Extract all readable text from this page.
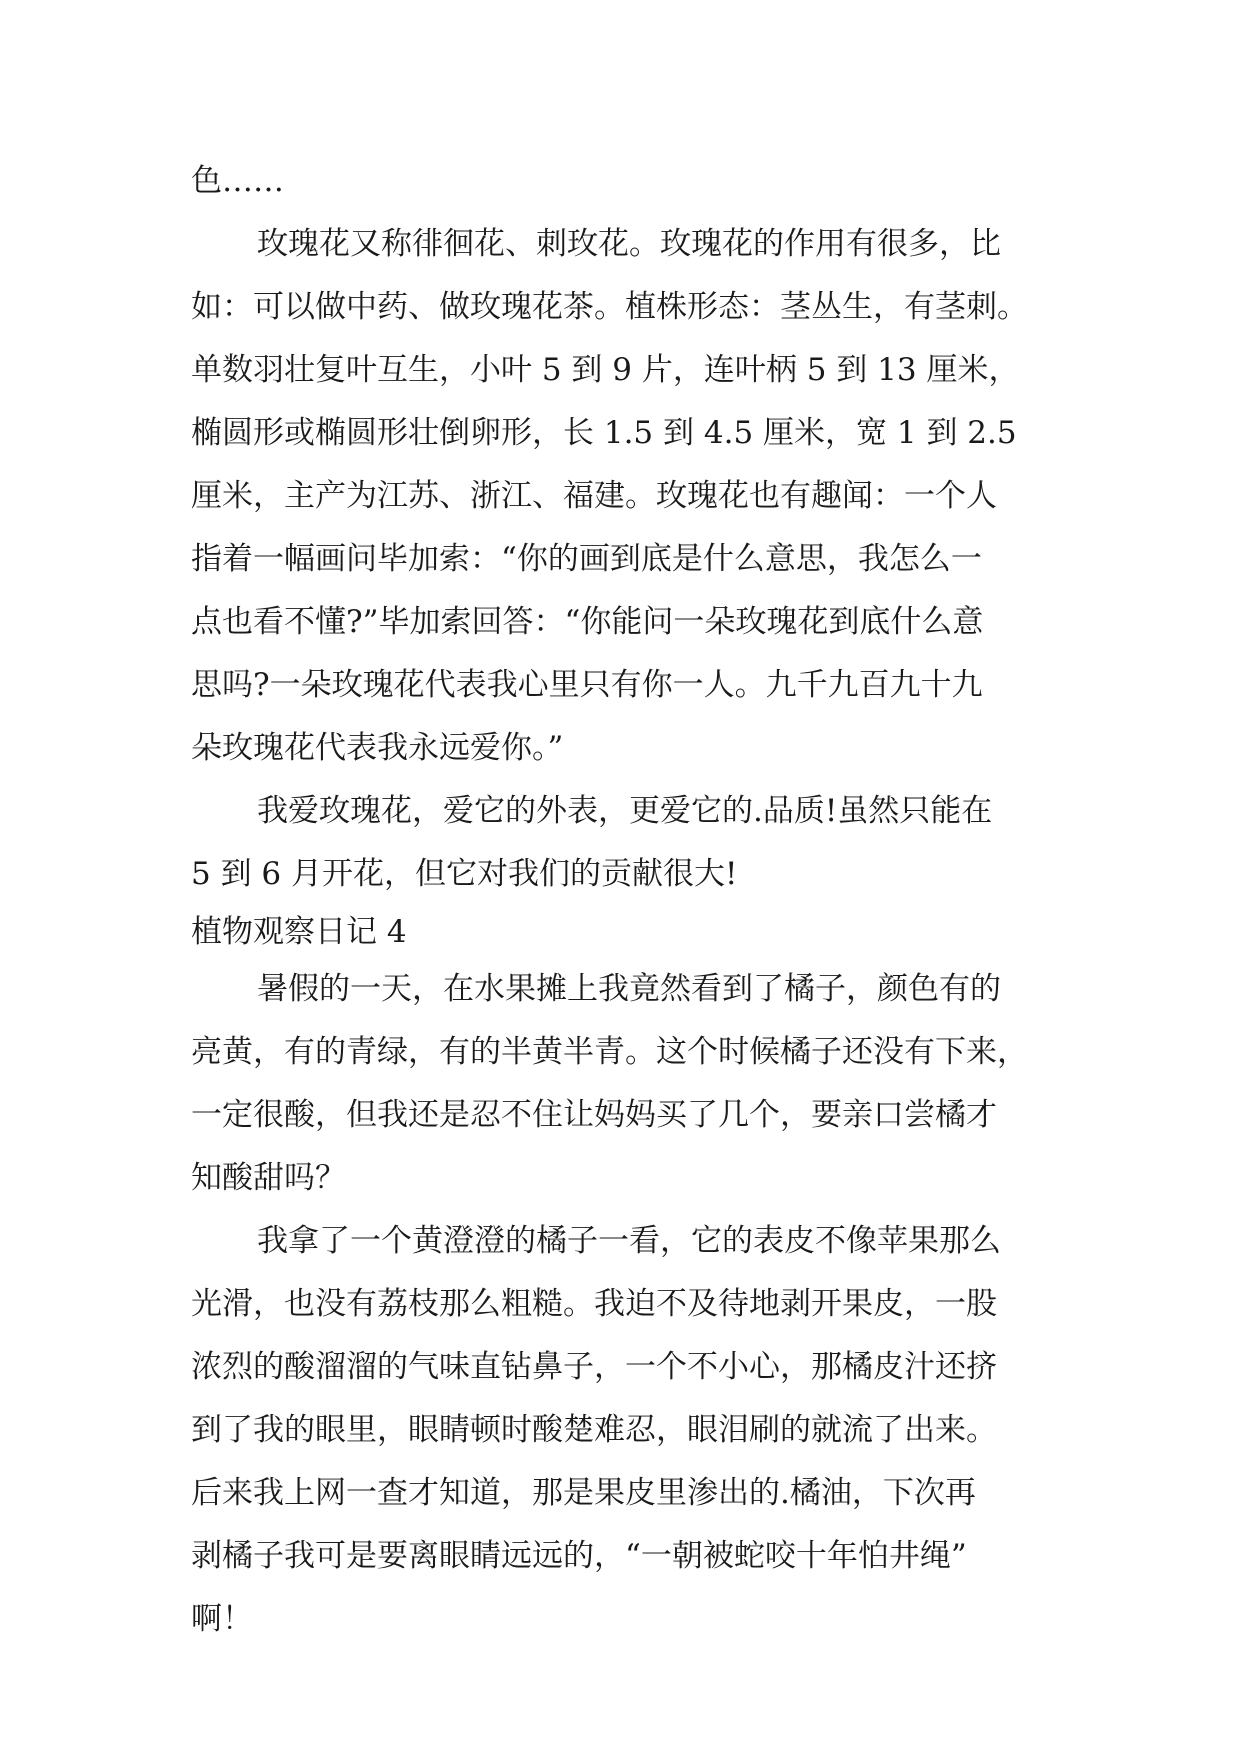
色……
玫瑰花又称徘徊花、刺玫花。玫瑰花的作用有很多，比
如：可以做中药、做玫瑰花茶。植株形态：茎丛生，有茎刺。
单数羽壮复叶互生，小叶 5 到 9 片，连叶柄 5 到 13 厘米，
椭圆形或椭圆形壮倒卵形，长 1.5 到 4.5 厘米，宽 1 到 2.5
厘米，主产为江苏、浙江、福建。玫瑰花也有趣闻：一个人
指着一幅画问毕加索：“你的画到底是什么意思，我怎么一
点也看不懂?”毕加索回答：“你能问一朵玫瑰花到底什么意
思吗?一朵玫瑰花代表我心里只有你一人。九千九百九十九
朵玫瑰花代表我永远爱你。”
我爱玫瑰花，爱它的外表，更爱它的.品质!虽然只能在
5 到 6 月开花，但它对我们的贡献很大!
植物观察日记 4
暑假的一天，在水果摊上我竟然看到了橘子，颜色有的
亮黄，有的青绿，有的半黄半青。这个时候橘子还没有下来，
一定很酸，但我还是忍不住让妈妈买了几个，要亲口尝橘才
知酸甜吗？
我拿了一个黄澄澄的橘子一看，它的表皮不像苹果那么
光滑，也没有荔枝那么粗糙。我迫不及待地剥开果皮，一股
浓烈的酸溜溜的气味直钻鼻子，一个不小心，那橘皮汁还挤
到了我的眼里，眼睛顿时酸楚难忍，眼泪刷的就流了出来。
后来我上网一查才知道，那是果皮里渗出的.橘油，下次再
剥橘子我可是要离眼睛远远的，“一朝被蛇咬十年怕井绳”
啊！
